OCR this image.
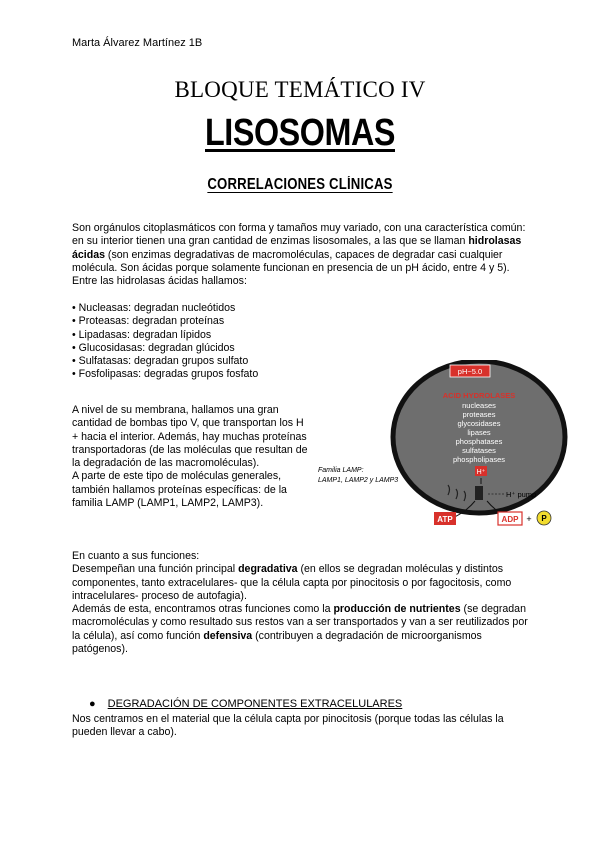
Marta Álvarez Martínez 1B
BLOQUE TEMÁTICO IV
LISOSOMAS
CORRELACIONES CLÍNICAS
Son orgánulos citoplasmáticos con forma y tamaños muy variado, con una característica común: en su interior tienen una gran cantidad de enzimas lisosomales, a las que se llaman hidrolasas ácidas (son enzimas degradativas de macromoléculas, capaces de degradar casi cualquier molécula. Son ácidas porque solamente funcionan en presencia de un pH ácido, entre 4 y 5). Entre las hidrolasas ácidas hallamos:
• Nucleasas: degradan nucleótidos
• Proteasas: degradan proteínas
• Lipadasas: degradan lípidos
• Glucosidasas: degradan glúcidos
• Sulfatasas: degradan grupos sulfato
• Fosfolipasas: degradas grupos fosfato
A nivel de su membrana, hallamos una gran cantidad de bombas tipo V, que transportan los H + hacia el interior. Además, hay muchas proteínas transportadoras (de las moléculas que resultan de la degradación de las macromoléculas).
A parte de este tipo de moléculas generales, también hallamos proteínas específicas: de la familia LAMP (LAMP1, LAMP2, LAMP3).
pH~5.0
ACID HYDROLASES
nucleases
proteases
glycosidases
lipases
phosphatases
sulfatases
phospholipases
H⁺
Familia LAMP:
LAMP1, LAMP2 y LAMP3
H⁺ pump
ATP	ADP + P
En cuanto a sus funciones:
Desempeñan una función principal degradativa (en ellos se degradan moléculas y distintos componentes, tanto extracelulares- que la célula capta por pinocitosis o por fagocitosis, como intracelulares- proceso de autofagia).
Además de esta, encontramos otras funciones como la producción de nutrientes (se degradan macromoléculas y como resultado sus restos van a ser transportados y van a ser reutilizados por la célula), así como función defensiva (contribuyen a degradación de microorganismos patógenos).
● DEGRADACIÓN DE COMPONENTES EXTRACELULARES
Nos centramos en el material que la célula capta por pinocitosis (porque todas las células la pueden llevar a cabo).
